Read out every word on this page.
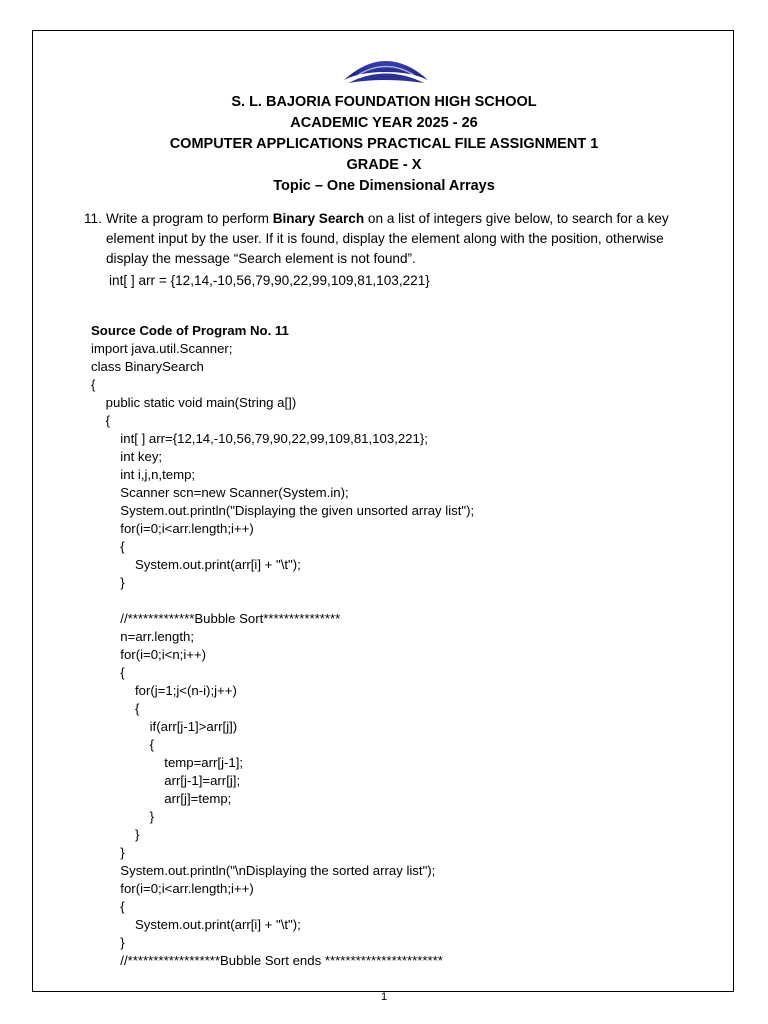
S. L. BAJORIA FOUNDATION HIGH SCHOOL
ACADEMIC YEAR 2025 - 26
COMPUTER APPLICATIONS PRACTICAL FILE ASSIGNMENT 1
GRADE - X
Topic – One Dimensional Arrays
11. Write a program to perform Binary Search on a list of integers give below, to search for a key element input by the user. If it is found, display the element along with the position, otherwise display the message “Search element is not found”.
int[ ] arr = {12,14,-10,56,79,90,22,99,109,81,103,221}
Source Code of Program No. 11
import java.util.Scanner;
class BinarySearch
{
public static void main(String a[])
{
int[ ] arr={12,14,-10,56,79,90,22,99,109,81,103,221};
int key;
int i,j,n,temp;
Scanner scn=new Scanner(System.in);
System.out.println("Displaying the given unsorted array list");
for(i=0;i<arr.length;i++)
{
System.out.print(arr[i] + "\t");
}
//*************Bubble Sort***************
n=arr.length;
for(i=0;i<n;i++)
{
for(j=1;j<(n-i);j++)
{
if(arr[j-1]>arr[j])
{
temp=arr[j-1];
arr[j-1]=arr[j];
arr[j]=temp;
}
}
}
System.out.println("\nDisplaying the sorted array list");
for(i=0;i<arr.length;i++)
{
System.out.print(arr[i] + "\t");
}
//******************Bubble Sort ends ***********************
1
